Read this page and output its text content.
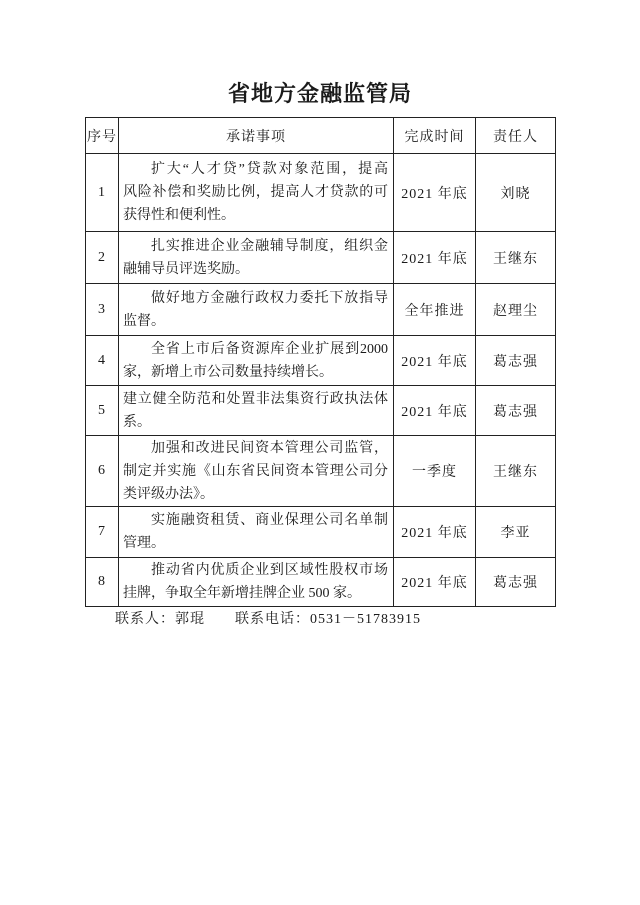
省地方金融监管局
序号	承诺事项	完成时间	责任人
1	扩大“人才贷”贷款对象范围，提高
风险补偿和奖励比例，提高人才贷款的可
获得性和便利性。	2021 年底	刘晓
2	扎实推进企业金融辅导制度，组织金
融辅导员评选奖励。	2021 年底	王继东
3	做好地方金融行政权力委托下放指导
监督。	全年推进	赵理尘
4	全省上市后备资源库企业扩展到2000
家，新增上市公司数量持续增长。	2021 年底	葛志强
5	建立健全防范和处置非法集资行政执法体
系。	2021 年底	葛志强
6	加强和改进民间资本管理公司监管，
制定并实施《山东省民间资本管理公司分
类评级办法》。	一季度	王继东
7	实施融资租赁、商业保理公司名单制
管理。	2021 年底	李亚
8	推动省内优质企业到区域性股权市场
挂牌，争取全年新增挂牌企业 500 家。	2021 年底	葛志强
联系人：郭琨 联系电话：0531－51783915
